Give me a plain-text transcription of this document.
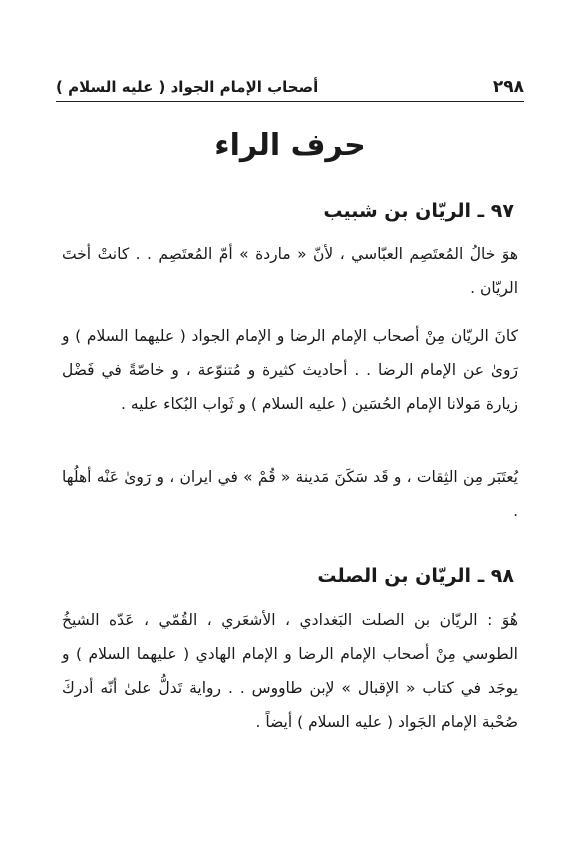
٢٩٨
أصحاب الإمام الجواد ( عليه السلام )
حرف الراء
٩٧ ـ الريّان بن شبيب

هوَ خالُ المُعتَصِم العبّاسي ، لأنّ « ماردة » أمّ المُعتَصِم . . كانتْ أختَ الريّان .

كانَ الريّان مِنْ أصحاب الإمام الرضا و الإمام الجواد ( عليهما السلام ) و رَوىٰ عن الإمام الرضا . . أحاديث كثيرة و مُتنوّعة ، و خاصّةً في فَضْل زيارة مَولانا الإمام الحُسَين ( عليه السلام ) و ثَواب البُكاء عليه .

يُعتَبَر مِن الثِقات ، و قَد سَكَنَ مَدينة « قُمْ » في ايران ، و رَوىٰ عَنْه أهلُها .

٩٨ ـ الريّان بن الصلت

هُوَ : الريّان بن الصلت البَغدادي ، الأشعَري ، القُمّي ، عَدّه الشيخُ الطوسي مِنْ أصحاب الإمام الرضا و الإمام الهادي ( عليهما السلام ) و يوجَد في كتاب « الإقبال » لإبن طاووس . . رواية تَدلُّ علىٰ أنّه أدركَ صُحْبة الإمام الجَواد ( عليه السلام ) أيضاً .
